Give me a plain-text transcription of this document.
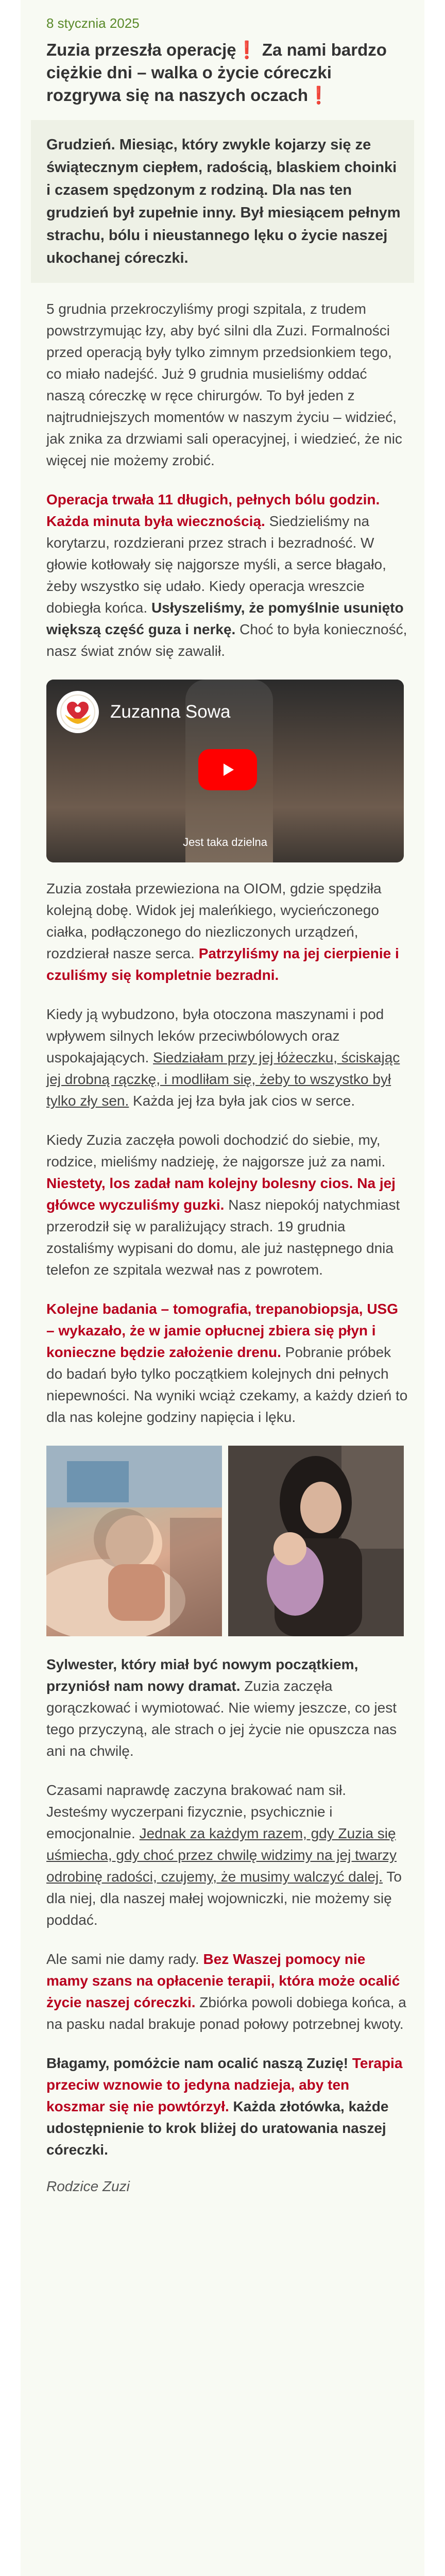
8 stycznia 2025
Zuzia przeszła operację❗ Za nami bardzo ciężkie dni – walka o życie córeczki rozgrywa się na naszych oczach❗

Grudzień. Miesiąc, który zwykle kojarzy się ze świątecznym ciepłem, radością, blaskiem choinki i czasem spędzonym z rodziną. Dla nas ten grudzień był zupełnie inny. Był miesiącem pełnym strachu, bólu i nieustannego lęku o życie naszej ukochanej córeczki.

5 grudnia przekroczyliśmy progi szpitala, z trudem powstrzymując łzy, aby być silni dla Zuzi. Formalności przed operacją były tylko zimnym przedsionkiem tego, co miało nadejść. Już 9 grudnia musieliśmy oddać naszą córeczkę w ręce chirurgów. To był jeden z najtrudniejszych momentów w naszym życiu – widzieć, jak znika za drzwiami sali operacyjnej, i wiedzieć, że nic więcej nie możemy zrobić.

Operacja trwała 11 długich, pełnych bólu godzin. Każda minuta była wiecznością. Siedzieliśmy na korytarzu, rozdzierani przez strach i bezradność. W głowie kotłowały się najgorsze myśli, a serce błagało, żeby wszystko się udało. Kiedy operacja wreszcie dobiegła końca. Usłyszeliśmy, że pomyślnie usunięto większą część guza i nerkę. Choć to była konieczność, nasz świat znów się zawalił.

Zuzanna Sowa
Jest taka dzielna

Zuzia została przewieziona na OIOM, gdzie spędziła kolejną dobę. Widok jej maleńkiego, wycieńczonego ciałka, podłączonego do niezliczonych urządzeń, rozdzierał nasze serca. Patrzyliśmy na jej cierpienie i czuliśmy się kompletnie bezradni.

Kiedy ją wybudzono, była otoczona maszynami i pod wpływem silnych leków przeciwbólowych oraz uspokajających. Siedziałam przy jej łóżeczku, ściskając jej drobną rączkę, i modliłam się, żeby to wszystko był tylko zły sen. Każda jej łza była jak cios w serce.

Kiedy Zuzia zaczęła powoli dochodzić do siebie, my, rodzice, mieliśmy nadzieję, że najgorsze już za nami. Niestety, los zadał nam kolejny bolesny cios. Na jej główce wyczuliśmy guzki. Nasz niepokój natychmiast przerodził się w paraliżujący strach. 19 grudnia zostaliśmy wypisani do domu, ale już następnego dnia telefon ze szpitala wezwał nas z powrotem.

Kolejne badania – tomografia, trepanobiopsja, USG – wykazało, że w jamie opłucnej zbiera się płyn i konieczne będzie założenie drenu. Pobranie próbek do badań było tylko początkiem kolejnych dni pełnych niepewności. Na wyniki wciąż czekamy, a każdy dzień to dla nas kolejne godziny napięcia i lęku.

Sylwester, który miał być nowym początkiem, przyniósł nam nowy dramat. Zuzia zaczęła gorączkować i wymiotować. Nie wiemy jeszcze, co jest tego przyczyną, ale strach o jej życie nie opuszcza nas ani na chwilę.

Czasami naprawdę zaczyna brakować nam sił. Jesteśmy wyczerpani fizycznie, psychicznie i emocjonalnie. Jednak za każdym razem, gdy Zuzia się uśmiecha, gdy choć przez chwilę widzimy na jej twarzy odrobinę radości, czujemy, że musimy walczyć dalej. To dla niej, dla naszej małej wojowniczki, nie możemy się poddać.

Ale sami nie damy rady. Bez Waszej pomocy nie mamy szans na opłacenie terapii, która może ocalić życie naszej córeczki. Zbiórka powoli dobiega końca, a na pasku nadal brakuje ponad połowy potrzebnej kwoty.

Błagamy, pomóżcie nam ocalić naszą Zuzię! Terapia przeciw wznowie to jedyna nadzieja, aby ten koszmar się nie powtórzył. Każda złotówka, każde udostępnienie to krok bliżej do uratowania naszej córeczki.

Rodzice Zuzi
